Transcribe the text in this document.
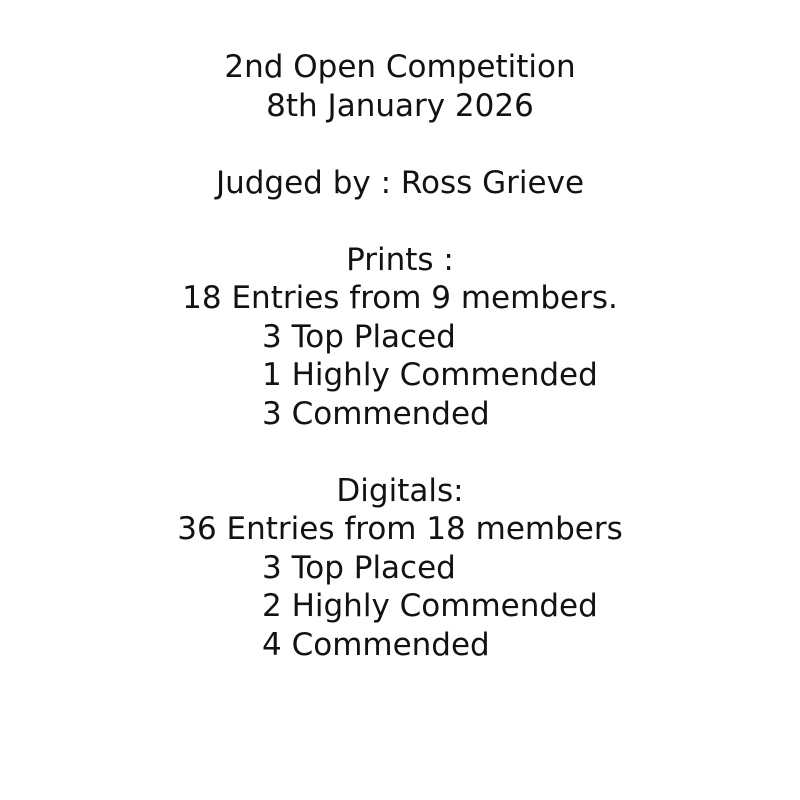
2nd Open Competition
8th January 2026
Judged by : Ross Grieve
Prints :
18 Entries from 9 members.
3 Top Placed
1 Highly Commended
3 Commended
Digitals:
36 Entries from 18 members
3 Top Placed
2 Highly Commended
4 Commended
